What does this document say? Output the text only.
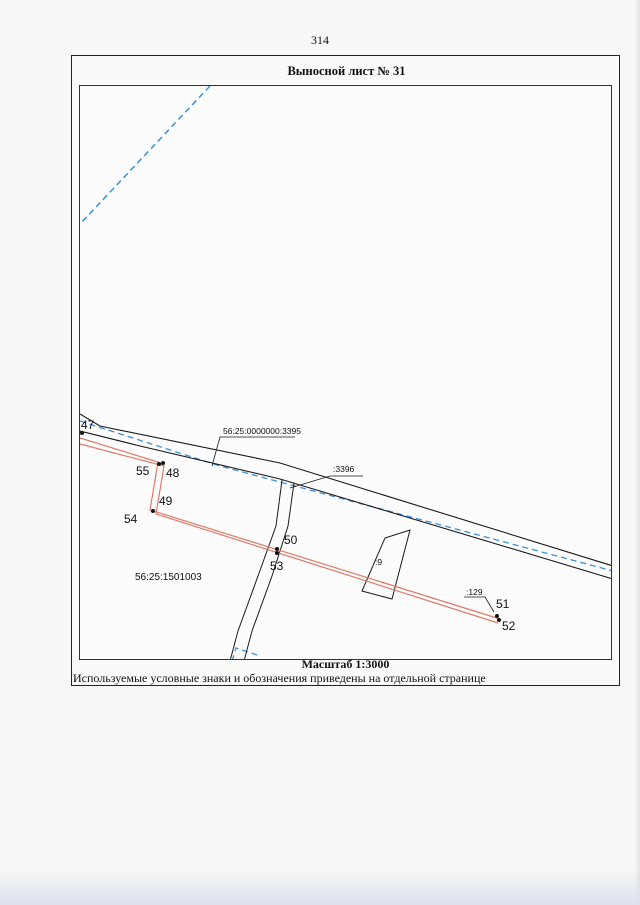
314
Выносной лист № 31
56:25:0000000:3395
:3396
:9
:129
56:25:1501003
47
48
49
50
51
52
53
54
55
Масштаб 1:3000
Используемые условные знаки и обозначения приведены на отдельной странице
